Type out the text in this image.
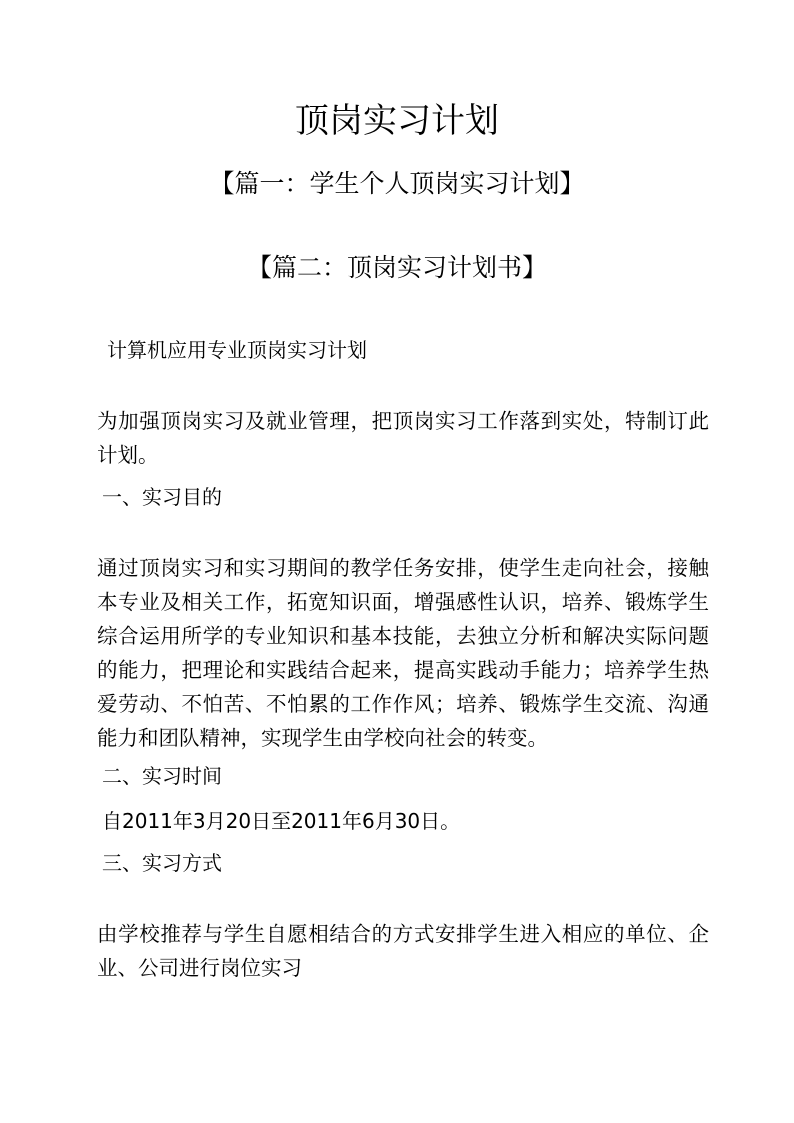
顶岗实习计划
【篇一：学生个人顶岗实习计划】
【篇二：顶岗实习计划书】

计算机应用专业顶岗实习计划

为加强顶岗实习及就业管理，把顶岗实习工作落到实处，特制订此计划。

一、实习目的

通过顶岗实习和实习期间的教学任务安排，使学生走向社会，接触本专业及相关工作，拓宽知识面，增强感性认识，培养、锻炼学生综合运用所学的专业知识和基本技能，去独立分析和解决实际问题的能力，把理论和实践结合起来，提高实践动手能力；培养学生热爱劳动、不怕苦、不怕累的工作作风；培养、锻炼学生交流、沟通能力和团队精神，实现学生由学校向社会的转变。

二、实习时间

自2011年3月20日至2011年6月30日。

三、实习方式

由学校推荐与学生自愿相结合的方式安排学生进入相应的单位、企业、公司进行岗位实习
